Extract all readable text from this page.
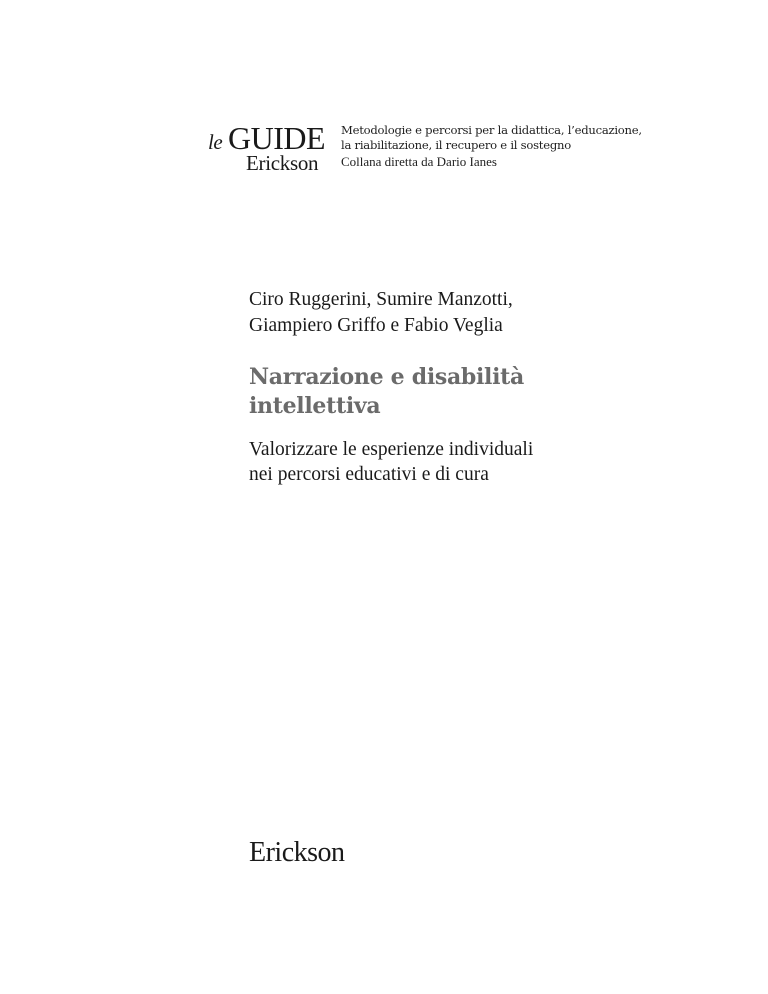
le GUIDE
Erickson
Metodologie e percorsi per la didattica, l’educazione,
la riabilitazione, il recupero e il sostegno
Collana diretta da Dario Ianes
Ciro Ruggerini, Sumire Manzotti,
Giampiero Griffo e Fabio Veglia
Narrazione e disabilità
intellettiva
Valorizzare le esperienze individuali
nei percorsi educativi e di cura
Erickson
